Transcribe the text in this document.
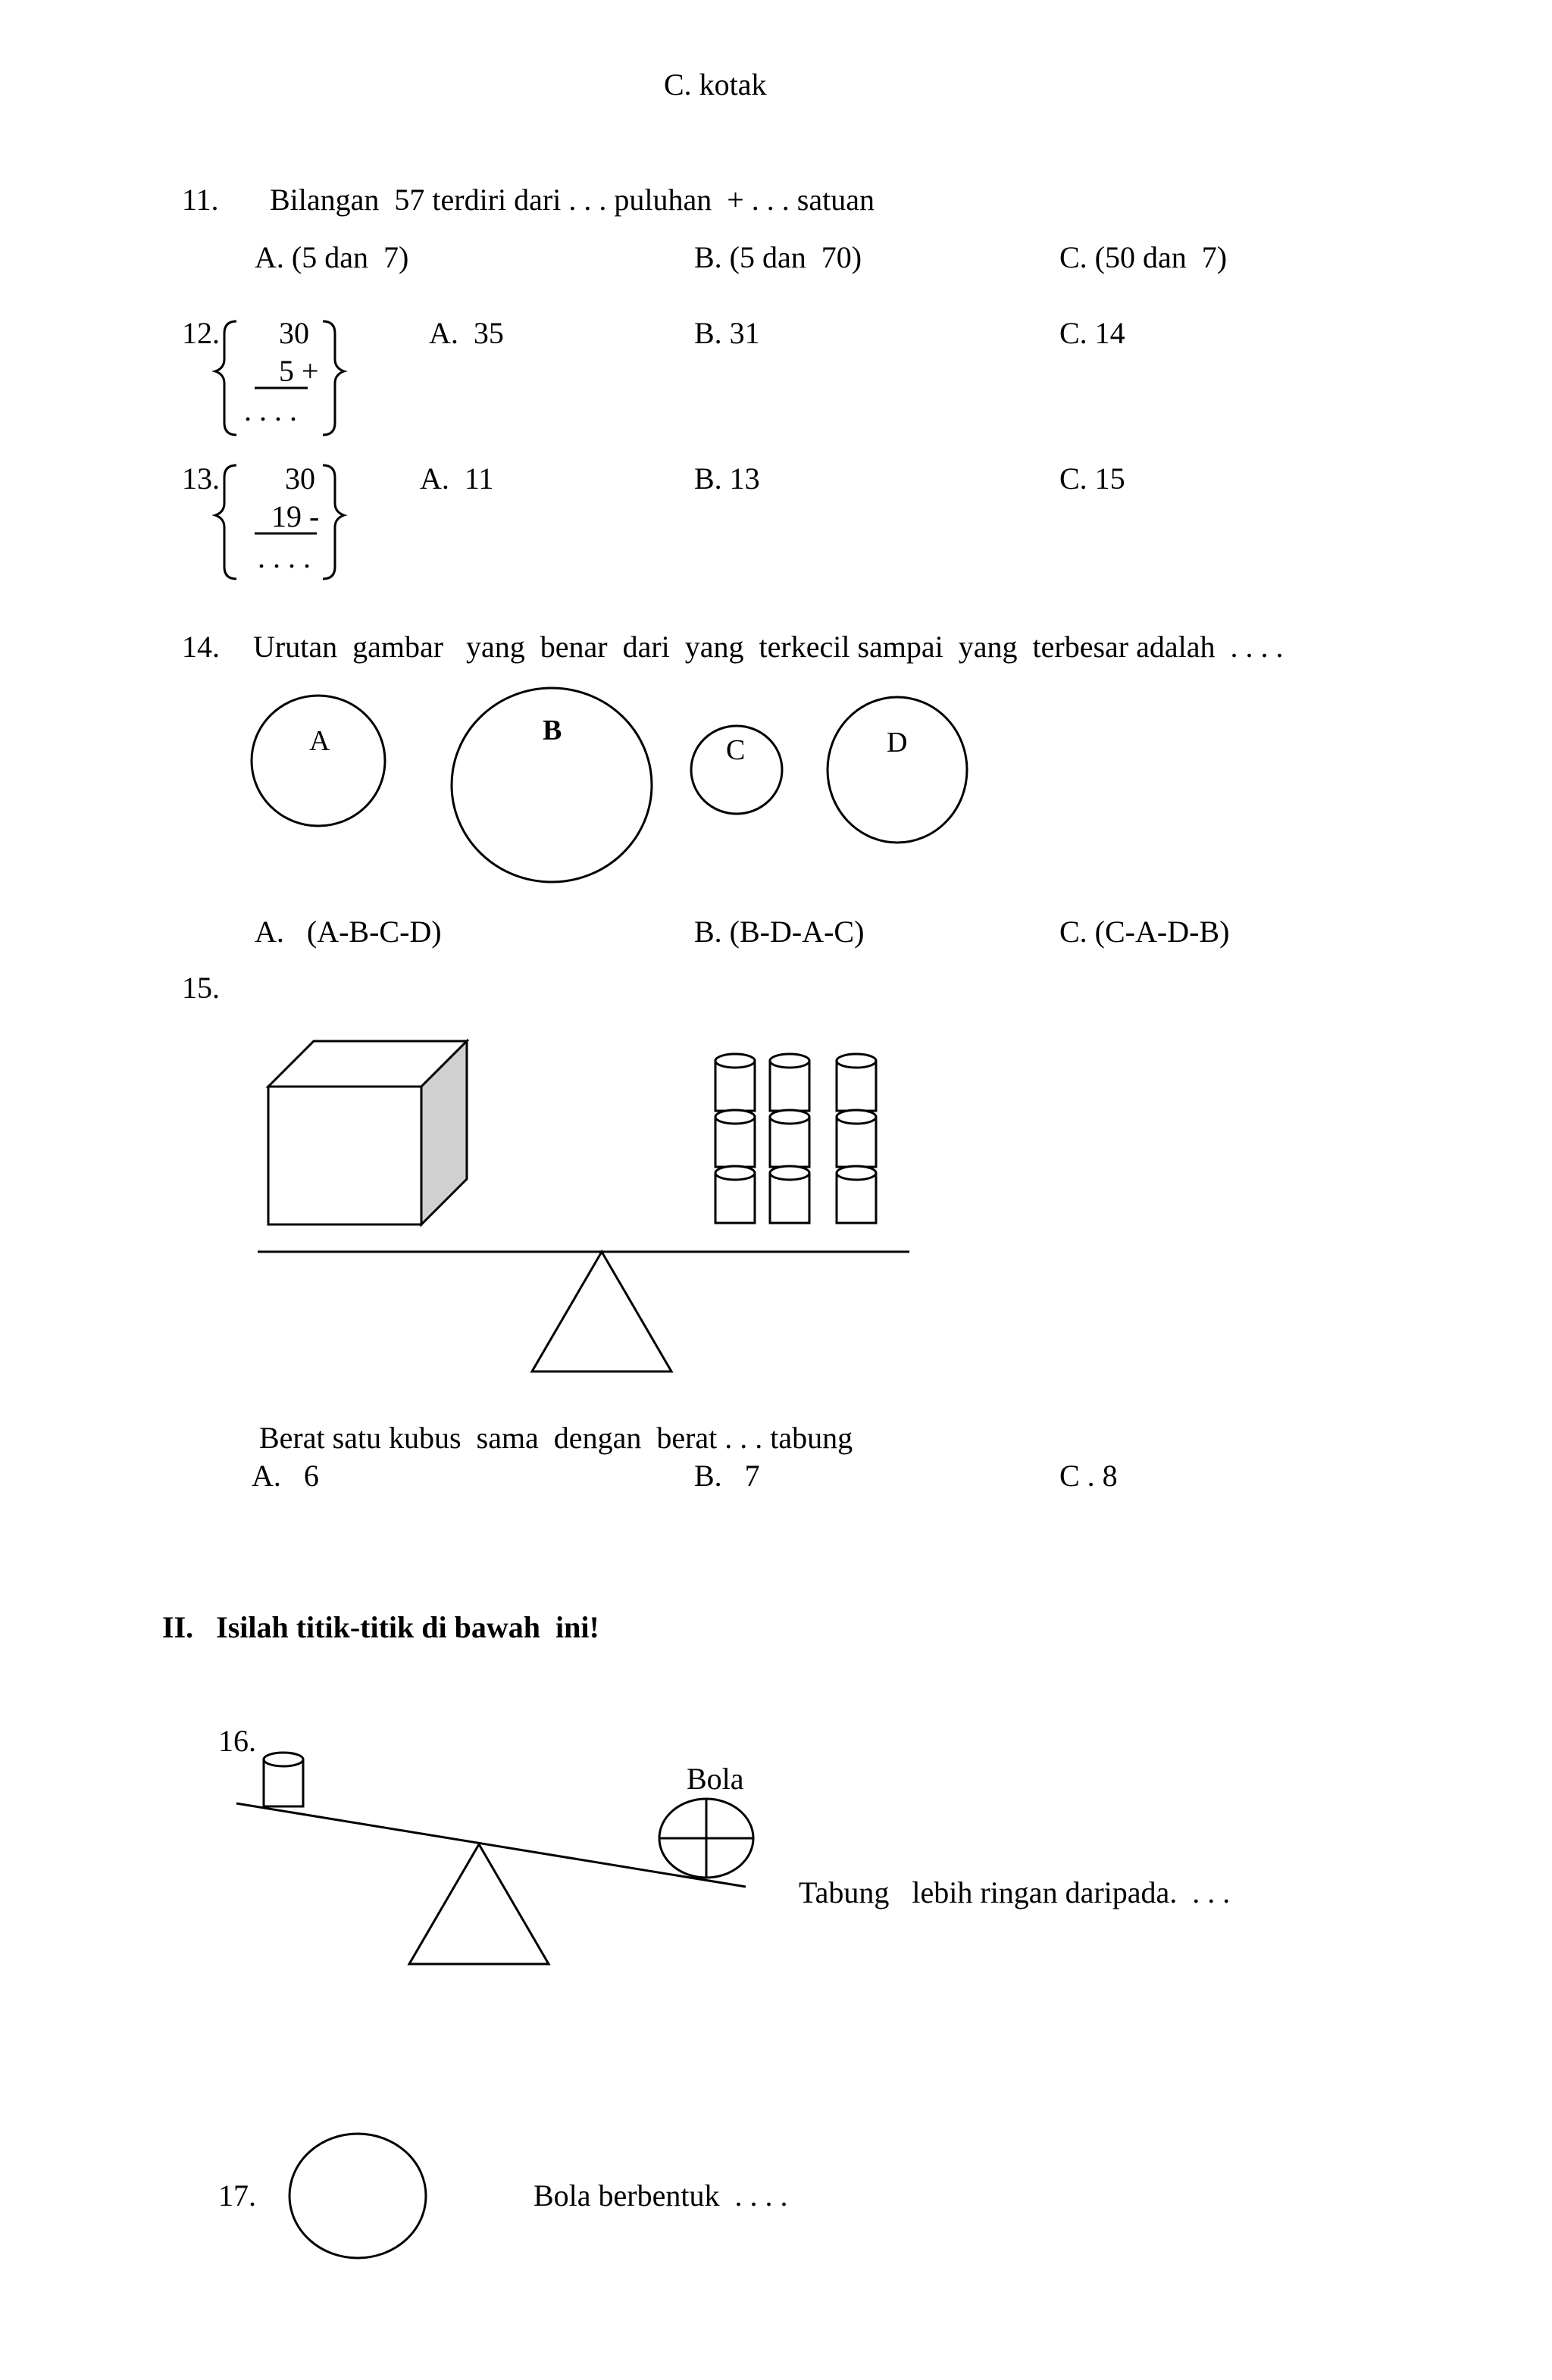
C. kotak
11. Bilangan  57 terdiri dari . . . puluhan  + . . . satuan
A. (5 dan  7)	B. (5 dan  70)	C. (50 dan  7)
12. 30
5 +
. . . .
A.  35	B. 31	C. 14
13. 30
19 -
. . . .
A.  11	B. 13	C. 15
14. Urutan  gambar   yang  benar  dari  yang  terkecil sampai  yang  terbesar adalah  . . . .
A.   (A-B-C-D)	B. (B-D-A-C)	C. (C-A-D-B)
15.
Berat satu kubus  sama  dengan  berat . . . tabung
A.   6	B.   7	C . 8
II.   Isilah titik-titik di bawah  ini!
16.
Bola
Tabung   lebih ringan daripada.  . . .
17.	Bola berbentuk  . . . .
A	B
C	D
